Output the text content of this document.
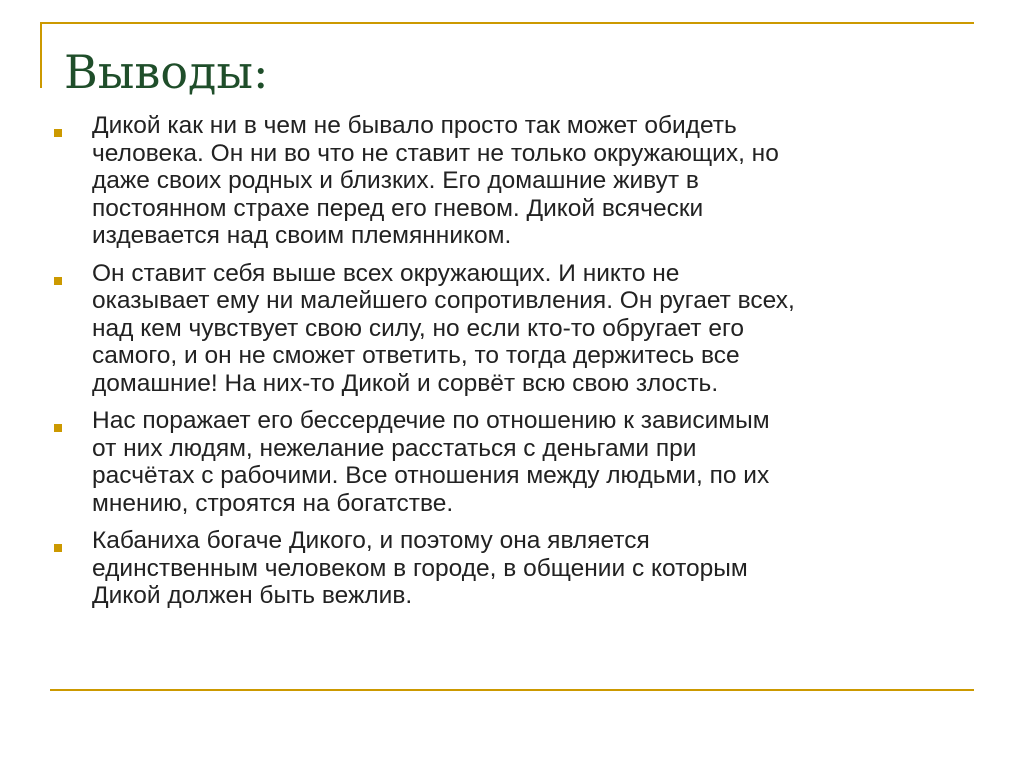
Выводы:
Дикой как ни в чем не бывало просто так может обидеть
человека. Он ни во что не ставит не только окружающих, но
даже своих родных и близких. Его домашние живут в
постоянном страхе перед его гневом. Дикой всячески
издевается над своим племянником.
Он ставит себя выше всех окружающих. И никто не
оказывает ему ни малейшего сопротивления. Он ругает всех,
над кем чувствует свою силу, но если кто-то обругает его
самого, и он не сможет ответить, то тогда держитесь все
домашние! На них-то Дикой и сорвёт всю свою злость.
Нас поражает его бессердечие по отношению к зависимым
от них людям, нежелание расстаться с деньгами при
расчётах с рабочими. Все отношения между людьми, по их
мнению, строятся на богатстве.
Кабаниха богаче Дикого, и поэтому она является
единственным человеком в городе, в общении с которым
Дикой должен быть вежлив.
